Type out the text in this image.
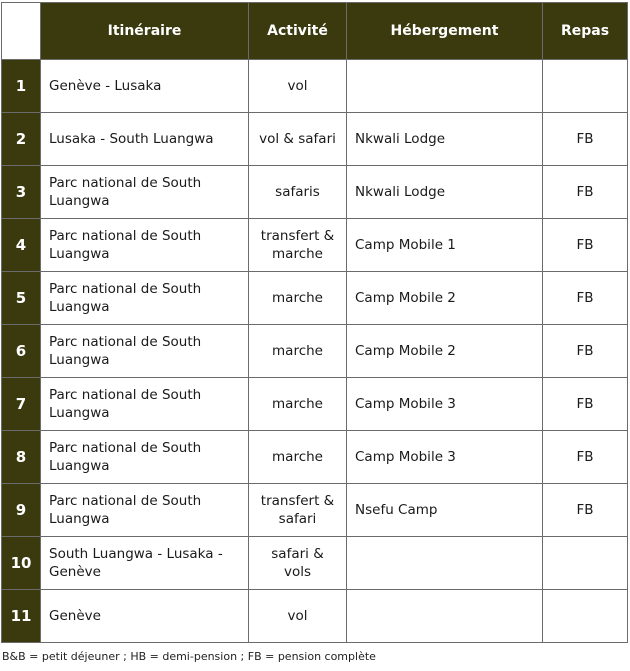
	Itinéraire	Activité	Hébergement	Repas
1	Genève - Lusaka	vol		
2	Lusaka - South Luangwa	vol & safari	Nkwali Lodge	FB
3	Parc national de South Luangwa	safaris	Nkwali Lodge	FB
4	Parc national de South Luangwa	transfert & marche	Camp Mobile 1	FB
5	Parc national de South Luangwa	marche	Camp Mobile 2	FB
6	Parc national de South Luangwa	marche	Camp Mobile 2	FB
7	Parc national de South Luangwa	marche	Camp Mobile 3	FB
8	Parc national de South Luangwa	marche	Camp Mobile 3	FB
9	Parc national de South Luangwa	transfert & safari	Nsefu Camp	FB
10	South Luangwa - Lusaka - Genève	safari & vols		
11	Genève	vol		
B&B = petit déjeuner ; HB = demi-pension ; FB = pension complète
